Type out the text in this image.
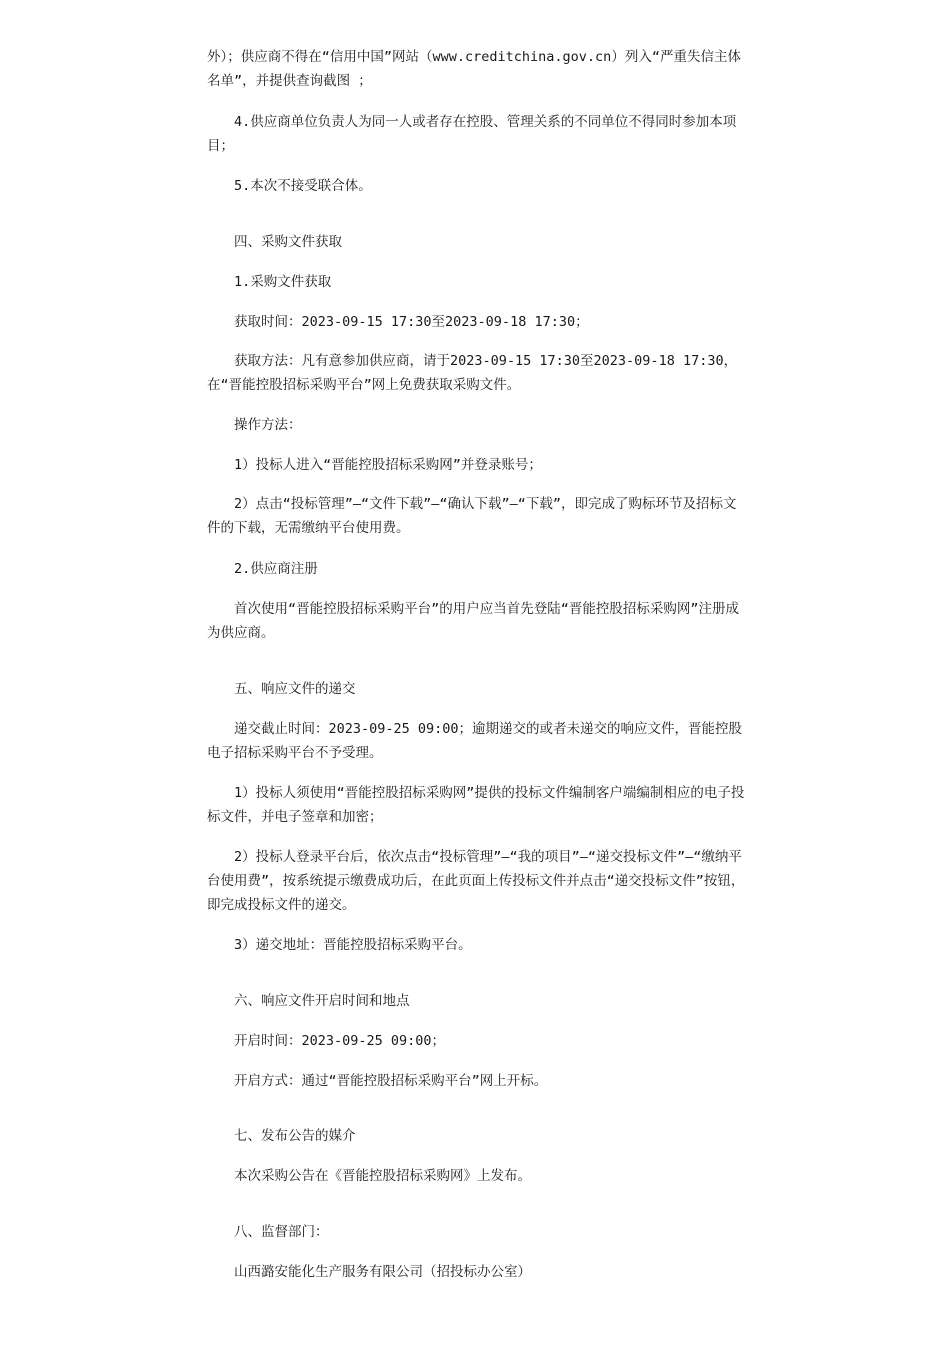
外）；供应商不得在“信用中国”网站（www.creditchina.gov.cn）列入“严重失信主体名单”，并提供查询截图 ；

4.供应商单位负责人为同一人或者存在控股、管理关系的不同单位不得同时参加本项目；

5.本次不接受联合体。

四、采购文件获取

1.采购文件获取

获取时间：2023-09-15 17:30至2023-09-18 17:30；

获取方法：凡有意参加供应商，请于2023-09-15 17:30至2023-09-18 17:30，在“晋能控股招标采购平台”网上免费获取采购文件。

操作方法：

1）投标人进入“晋能控股招标采购网”并登录账号；

2）点击“投标管理”—“文件下载”—“确认下载”—“下载”，即完成了购标环节及招标文件的下载，无需缴纳平台使用费。

2.供应商注册

首次使用“晋能控股招标采购平台”的用户应当首先登陆“晋能控股招标采购网”注册成为供应商。

五、响应文件的递交

递交截止时间：2023-09-25 09:00；逾期递交的或者未递交的响应文件，晋能控股电子招标采购平台不予受理。

1）投标人须使用“晋能控股招标采购网”提供的投标文件编制客户端编制相应的电子投标文件，并电子签章和加密；

2）投标人登录平台后，依次点击“投标管理”—“我的项目”—“递交投标文件”—“缴纳平台使用费”，按系统提示缴费成功后，在此页面上传投标文件并点击“递交投标文件”按钮，即完成投标文件的递交。

3）递交地址：晋能控股招标采购平台。

六、响应文件开启时间和地点

开启时间：2023-09-25 09:00；

开启方式：通过“晋能控股招标采购平台”网上开标。

七、发布公告的媒介

本次采购公告在《晋能控股招标采购网》上发布。

八、监督部门：

山西潞安能化生产服务有限公司（招投标办公室）
